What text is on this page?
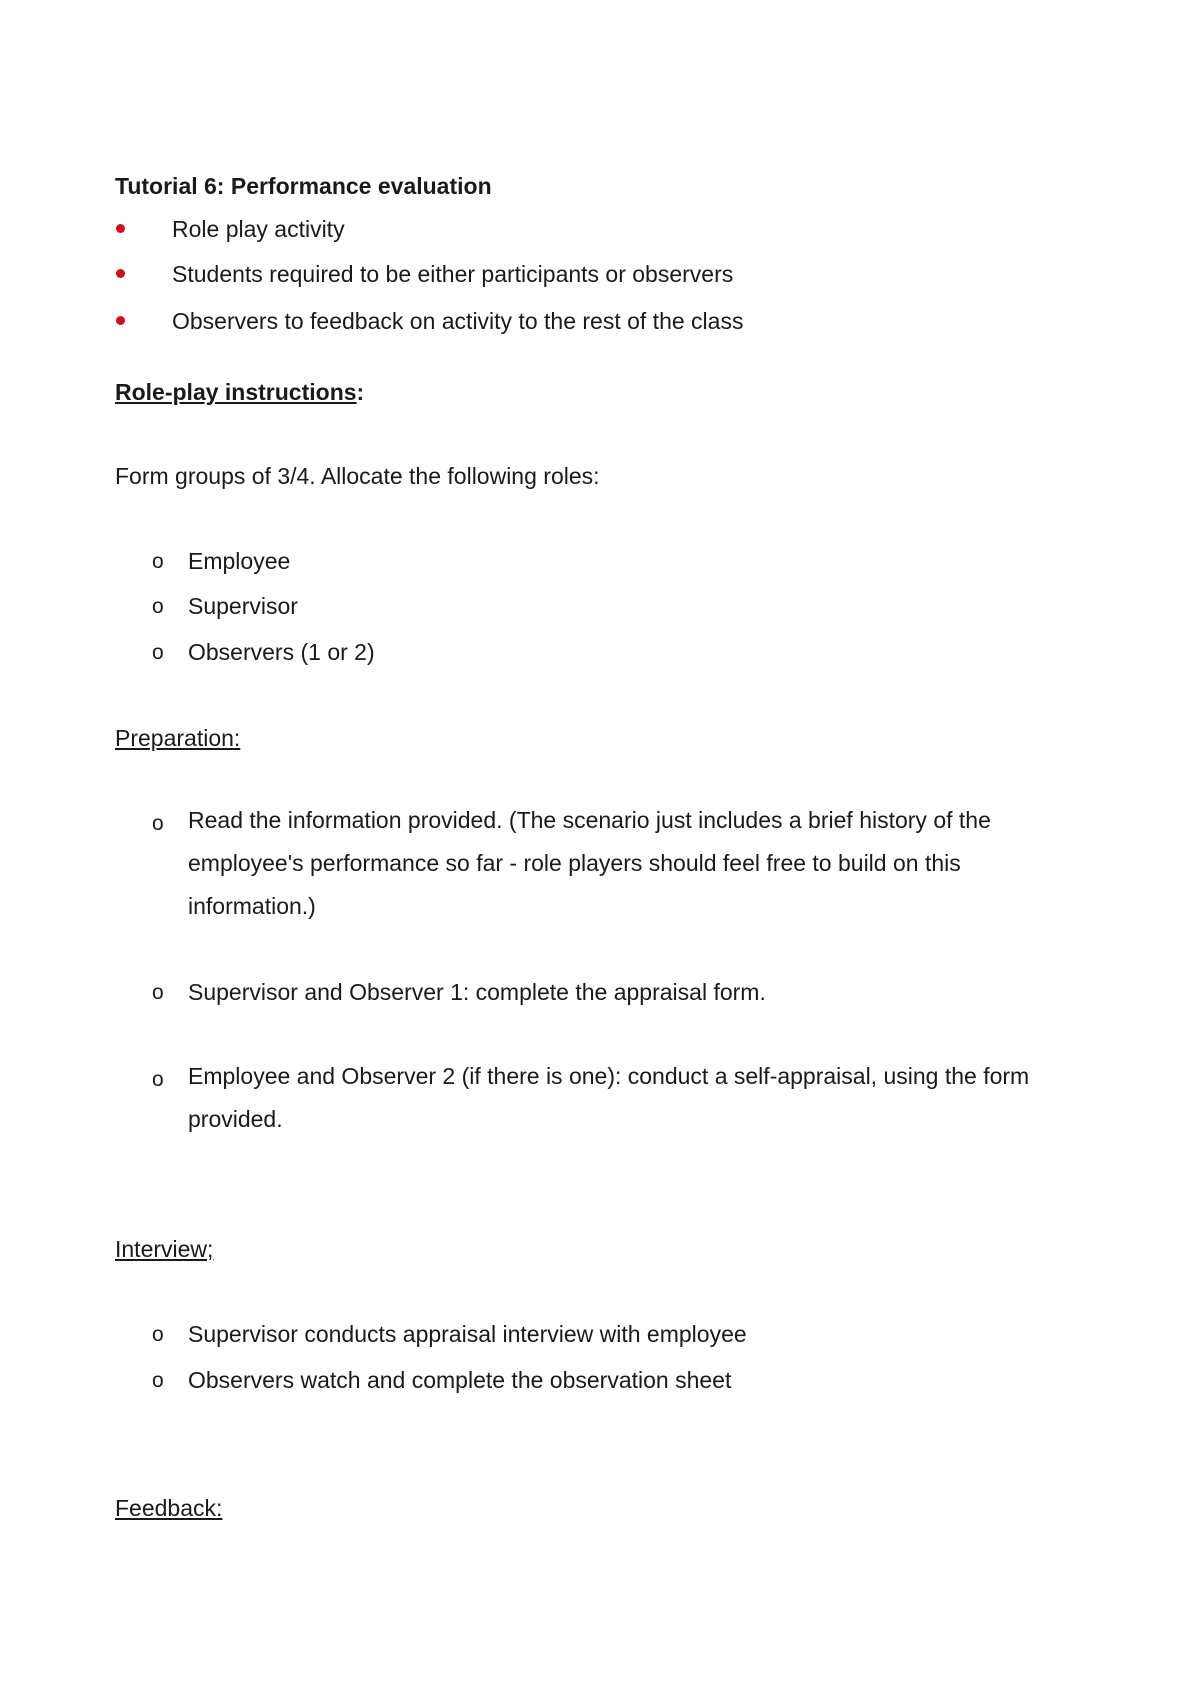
Tutorial 6: Performance evaluation
Role play activity
Students required to be either participants or observers
Observers to feedback on activity to the rest of the class
Role-play instructions:
Form groups of 3/4. Allocate the following roles:
o Employee
o Supervisor
o Observers (1 or 2)
Preparation:
o Read the information provided. (The scenario just includes a brief history of the employee's performance so far - role players should feel free to build on this information.)
o Supervisor and Observer 1: complete the appraisal form.
o Employee and Observer 2 (if there is one): conduct a self-appraisal, using the form provided.
Interview;
o Supervisor conducts appraisal interview with employee
o Observers watch and complete the observation sheet
Feedback:
